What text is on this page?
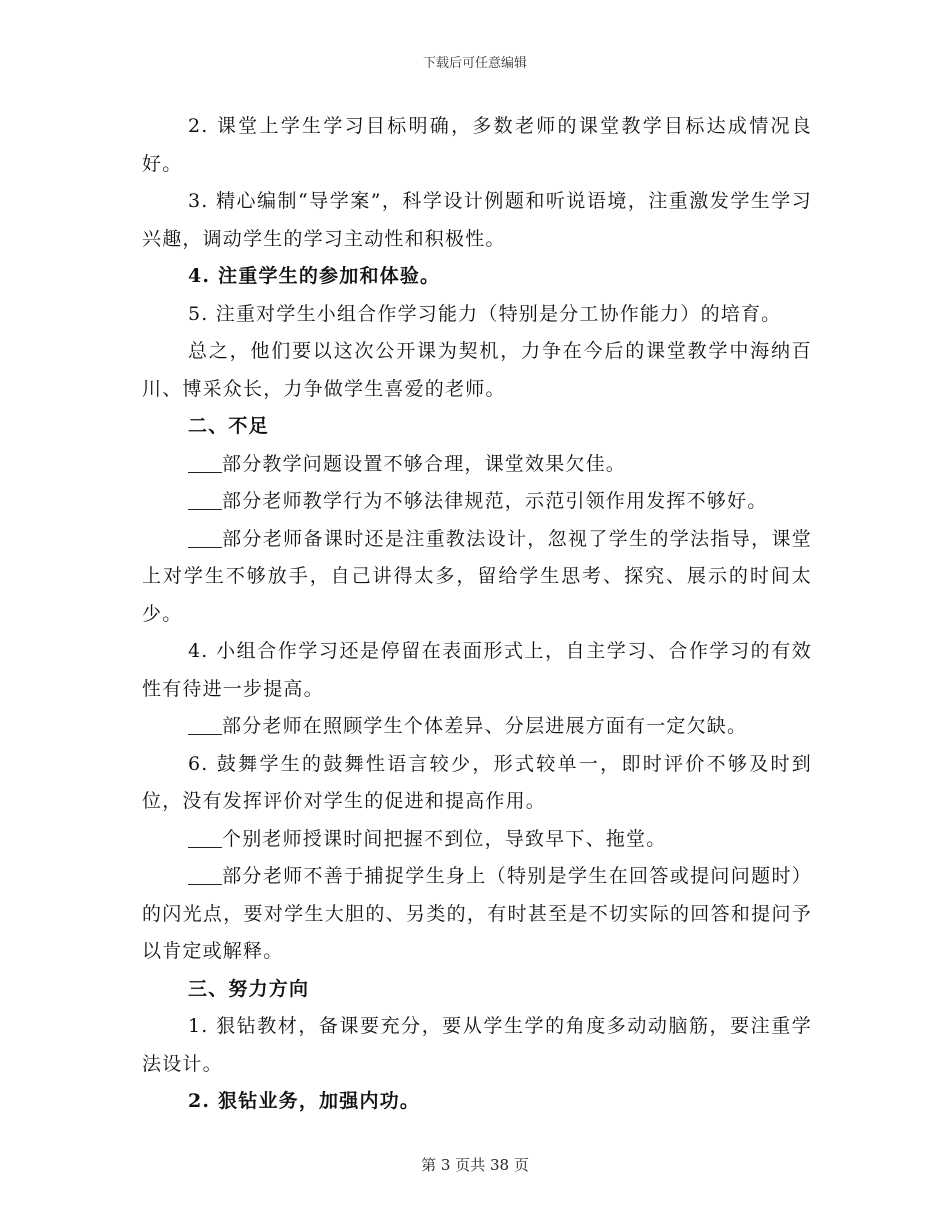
下载后可任意编辑

2. 课堂上学生学习目标明确，多数老师的课堂教学目标达成情况良好。

3. 精心编制“导学案”，科学设计例题和听说语境，注重激发学生学习兴趣，调动学生的学习主动性和积极性。

4. 注重学生的参加和体验。

5. 注重对学生小组合作学习能力（特别是分工协作能力）的培育。

总之，他们要以这次公开课为契机，力争在今后的课堂教学中海纳百川、博采众长，力争做学生喜爱的老师。

二、不足

部分教学问题设置不够合理，课堂效果欠佳。

部分老师教学行为不够法律规范，示范引领作用发挥不够好。

部分老师备课时还是注重教法设计，忽视了学生的学法指导，课堂上对学生不够放手，自己讲得太多，留给学生思考、探究、展示的时间太少。

4. 小组合作学习还是停留在表面形式上，自主学习、合作学习的有效性有待进一步提高。

部分老师在照顾学生个体差异、分层进展方面有一定欠缺。

6. 鼓舞学生的鼓舞性语言较少，形式较单一，即时评价不够及时到位，没有发挥评价对学生的促进和提高作用。

个别老师授课时间把握不到位，导致早下、拖堂。

部分老师不善于捕捉学生身上（特别是学生在回答或提问问题时）的闪光点，要对学生大胆的、另类的，有时甚至是不切实际的回答和提问予以肯定或解释。

三、努力方向

1. 狠钻教材，备课要充分，要从学生学的角度多动动脑筋，要注重学法设计。

2. 狠钻业务，加强内功。

第 3 页共 38 页
